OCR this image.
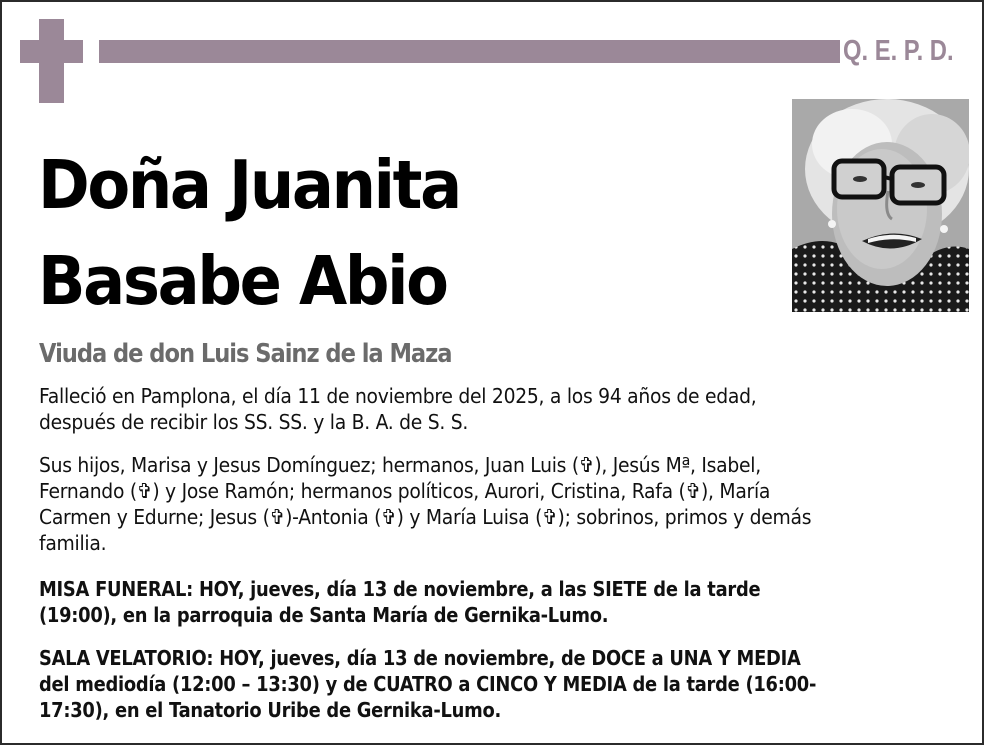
Q. E. P. D.
Doña Juanita
Basabe Abio
Viuda de don Luis Sainz de la Maza
Falleció en Pamplona, el día 11 de noviembre del 2025, a los 94 años de edad,
después de recibir los SS. SS. y la B. A. de S. S.
Sus hijos, Marisa y Jesus Domínguez; hermanos, Juan Luis (✞), Jesús Mª, Isabel,
Fernando (✞) y Jose Ramón; hermanos políticos, Aurori, Cristina, Rafa (✞), María
Carmen y Edurne; Jesus (✞)-Antonia (✞) y María Luisa (✞); sobrinos, primos y demás
familia.
MISA FUNERAL: HOY, jueves, día 13 de noviembre, a las SIETE de la tarde
(19:00), en la parroquia de Santa María de Gernika-Lumo.
SALA VELATORIO: HOY, jueves, día 13 de noviembre, de DOCE a UNA Y MEDIA
del mediodía (12:00 – 13:30) y de CUATRO a CINCO Y MEDIA de la tarde (16:00-
17:30), en el Tanatorio Uribe de Gernika-Lumo.
